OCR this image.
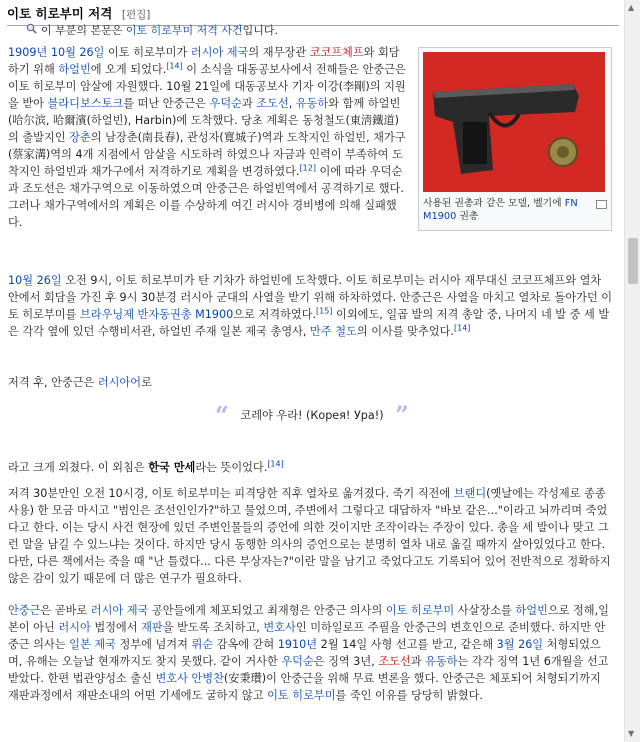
이토 히로부미 저격 [편집]
이 부분의 본문은 이토 히로부미 저격 사건입니다.

1909년 10월 26일 이토 히로부미가 러시아 제국의 재무장관 코코프체프와 회담하기 위해 하얼빈에 오게 되었다.[14] 이 소식을 대동공보사에서 전해들은 안중근은 이토 히로부미 암살에 자원했다. 10월 21일에 대동공보사 기자 이강(李剛)의 지원을 받아 블라디보스토크를 떠난 안중근은 우덕순과 조도선, 유동하와 함께 하얼빈(哈尔滨, 哈爾濱(하얼빈), Harbin)에 도착했다. 당초 계획은 동청철도(東淸鐵道)의 출발지인 장춘의 남장춘(南長春), 관성자(寬城子)역과 도착지인 하얼빈, 채가구(蔡家溝)역의 4개 지점에서 암살을 시도하려 하였으나 자금과 인력이 부족하여 도착지인 하얼빈과 채가구에서 저격하기로 계획을 변경하였다.[12] 이에 따라 우덕순과 조도선은 채가구역으로 이동하였으며 안중근은 하얼빈역에서 공격하기로 했다. 그러나 채가구역에서의 계획은 이를 수상하게 여긴 러시아 경비병에 의해 실패했다.

사용된 권총과 같은 모델, 벨기에 FN M1900 권총

10월 26일 오전 9시, 이토 히로부미가 탄 기차가 하얼빈에 도착했다. 이토 히로부미는 러시아 재무대신 코코프체프와 열차 안에서 회담을 가진 후 9시 30분경 러시아 군대의 사열을 받기 위해 하차하였다. 안중근은 사열을 마치고 열차로 돌아가던 이토 히로부미를 브라우닝제 반자동권총 M1900으로 저격하였다.[15] 이외에도, 일곱 발의 저격 총알 중, 나머지 네 발 중 세 발은 각각 옆에 있던 수행비서관, 하얼빈 주재 일본 제국 총영사, 만주 철도의 이사를 맞추었다.[14]

저격 후, 안중근은 러시아어로

“ 코레야 우라! (Корея! Ура!) ”

라고 크게 외쳤다. 이 외침은 한국 만세라는 뜻이었다.[14]

저격 30분만인 오전 10시경, 이토 히로부미는 피격당한 직후 열차로 옮겨졌다. 죽기 직전에 브랜디(옛날에는 각성제로 종종 사용) 한 모금 마시고 "범인은 조선인인가?"하고 물었으며, 주변에서 그렇다고 대답하자 "바보 같은..."이라고 뇌까리며 죽었다고 한다. 이는 당시 사건 현장에 있던 주변인물들의 증언에 의한 것이지만 조작이라는 주장이 있다. 총을 세 발이나 맞고 그런 말을 남길 수 있느냐는 것이다. 하지만 당시 동행한 의사의 증언으로는 분명히 열차 내로 옮길 때까지 살아있었다고 한다. 다만, 다른 책에서는 죽을 때 "난 틀렸다... 다른 부상자는?"이란 말을 남기고 죽었다고도 기록되어 있어 전반적으로 정확하지 않은 감이 있기 때문에 더 많은 연구가 필요하다.

안중근은 곧바로 러시아 제국 공안들에게 체포되었고 최재형은 안중근 의사의 이토 히로부미 사살장소를 하얼빈으로 정해,일본이 아닌 러시아 법정에서 재판을 받도록 조치하고, 변호사인 미하일로프 주필을 안중근의 변호인으로 준비했다. 하지만 안중근 의사는 일본 제국 정부에 넘겨져 뤼순 감옥에 갇혀 1910년 2월 14일 사형 선고를 받고, 같은해 3월 26일 처형되었으며, 유해는 오늘날 현재까지도 찾지 못했다. 같이 거사한 우덕순은 징역 3년, 조도선과 유동하는 각각 징역 1년 6개월을 선고받았다. 한편 법관양성소 출신 변호사 안병찬(安秉瓚)이 안중근을 위해 무료 변론을 했다. 안중근은 체포되어 처형되기까지 재판과정에서 재판소내의 어떤 기세에도 굴하지 않고 이토 히로부미를 죽인 이유를 당당히 밝혔다.

▲
▼
